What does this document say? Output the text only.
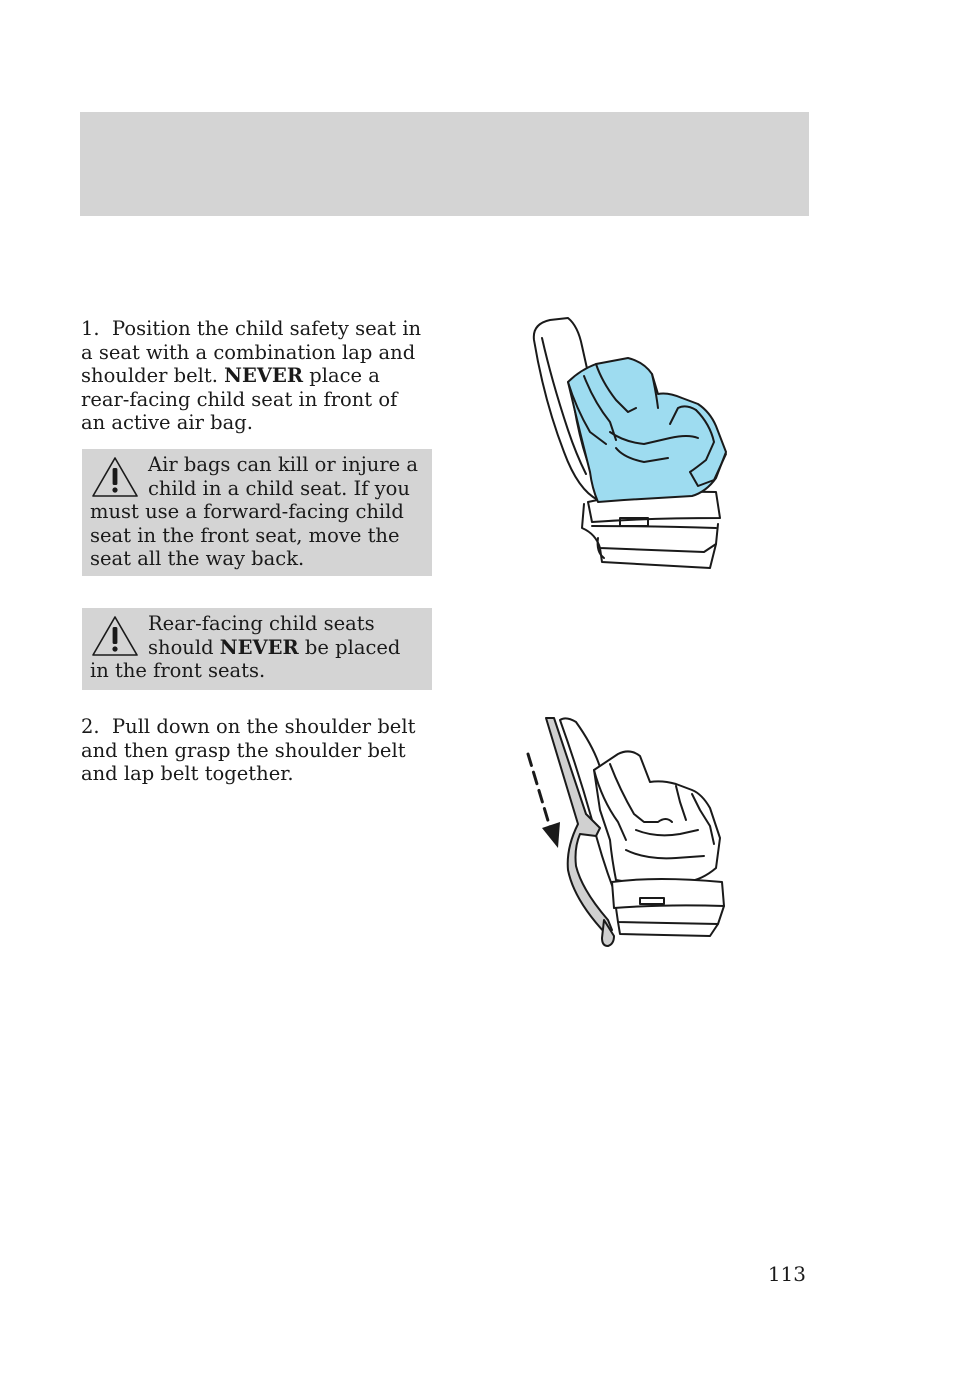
1. Position the child safety seat in a seat with a combination lap and shoulder belt. NEVER place a rear-facing child seat in front of an active air bag.

Air bags can kill or injure a child in a child seat. If you must use a forward-facing child seat in the front seat, move the seat all the way back.
Rear-facing child seats should NEVER be placed in the front seats.

2. Pull down on the shoulder belt and then grasp the shoulder belt and lap belt together.

113
